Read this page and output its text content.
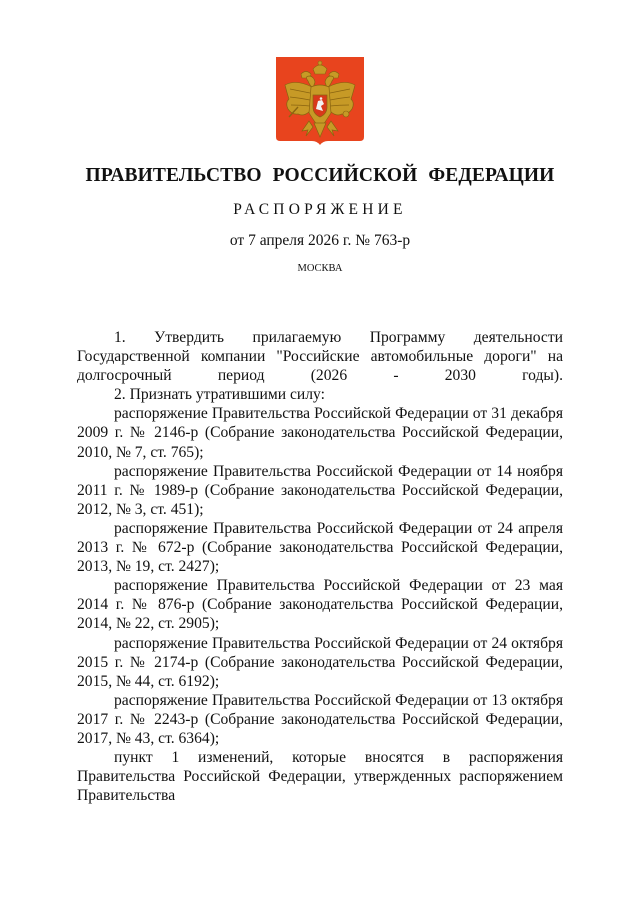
ПРАВИТЕЛЬСТВО РОССИЙСКОЙ ФЕДЕРАЦИИ
РАСПОРЯЖЕНИЕ
от 7 апреля 2026 г. № 763-р
МОСКВА

1. Утвердить прилагаемую Программу деятельности Государственной компании "Российские автомобильные дороги" на долгосрочный период (2026 - 2030 годы).

2. Признать утратившими силу:

распоряжение Правительства Российской Федерации от 31 декабря 2009 г. № 2146-р (Собрание законодательства Российской Федерации, 2010, № 7, ст. 765);

распоряжение Правительства Российской Федерации от 14 ноября 2011 г. № 1989-р (Собрание законодательства Российской Федерации, 2012, № 3, ст. 451);

распоряжение Правительства Российской Федерации от 24 апреля 2013 г. № 672-р (Собрание законодательства Российской Федерации, 2013, № 19, ст. 2427);

распоряжение Правительства Российской Федерации от 23 мая 2014 г. № 876-р (Собрание законодательства Российской Федерации, 2014, № 22, ст. 2905);

распоряжение Правительства Российской Федерации от 24 октября 2015 г. № 2174-р (Собрание законодательства Российской Федерации, 2015, № 44, ст. 6192);

распоряжение Правительства Российской Федерации от 13 октября 2017 г. № 2243-р (Собрание законодательства Российской Федерации, 2017, № 43, ст. 6364);

пункт 1 изменений, которые вносятся в распоряжения Правительства Российской Федерации, утвержденных распоряжением Правительства
